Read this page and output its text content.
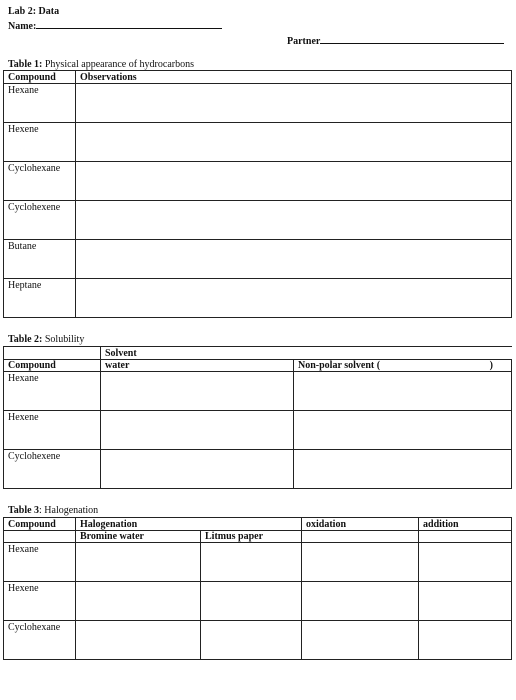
Lab 2: Data
Name:
Partner
Table 1: Physical appearance of hydrocarbons
Compound	Observations
Hexane	
Hexene	
Cyclohexane	
Cyclohexene	
Butane	
Heptane	
Table 2: Solubility
	Solvent	
Compound	water	Non-polar solvent ( )

Hexane		
Hexene		
Cyclohexene		
Table 3: Halogenation
Compound	Halogenation		oxidation	addition
	Bromine water	Litmus paper		
Hexane				
Hexene				
Cyclohexane				
